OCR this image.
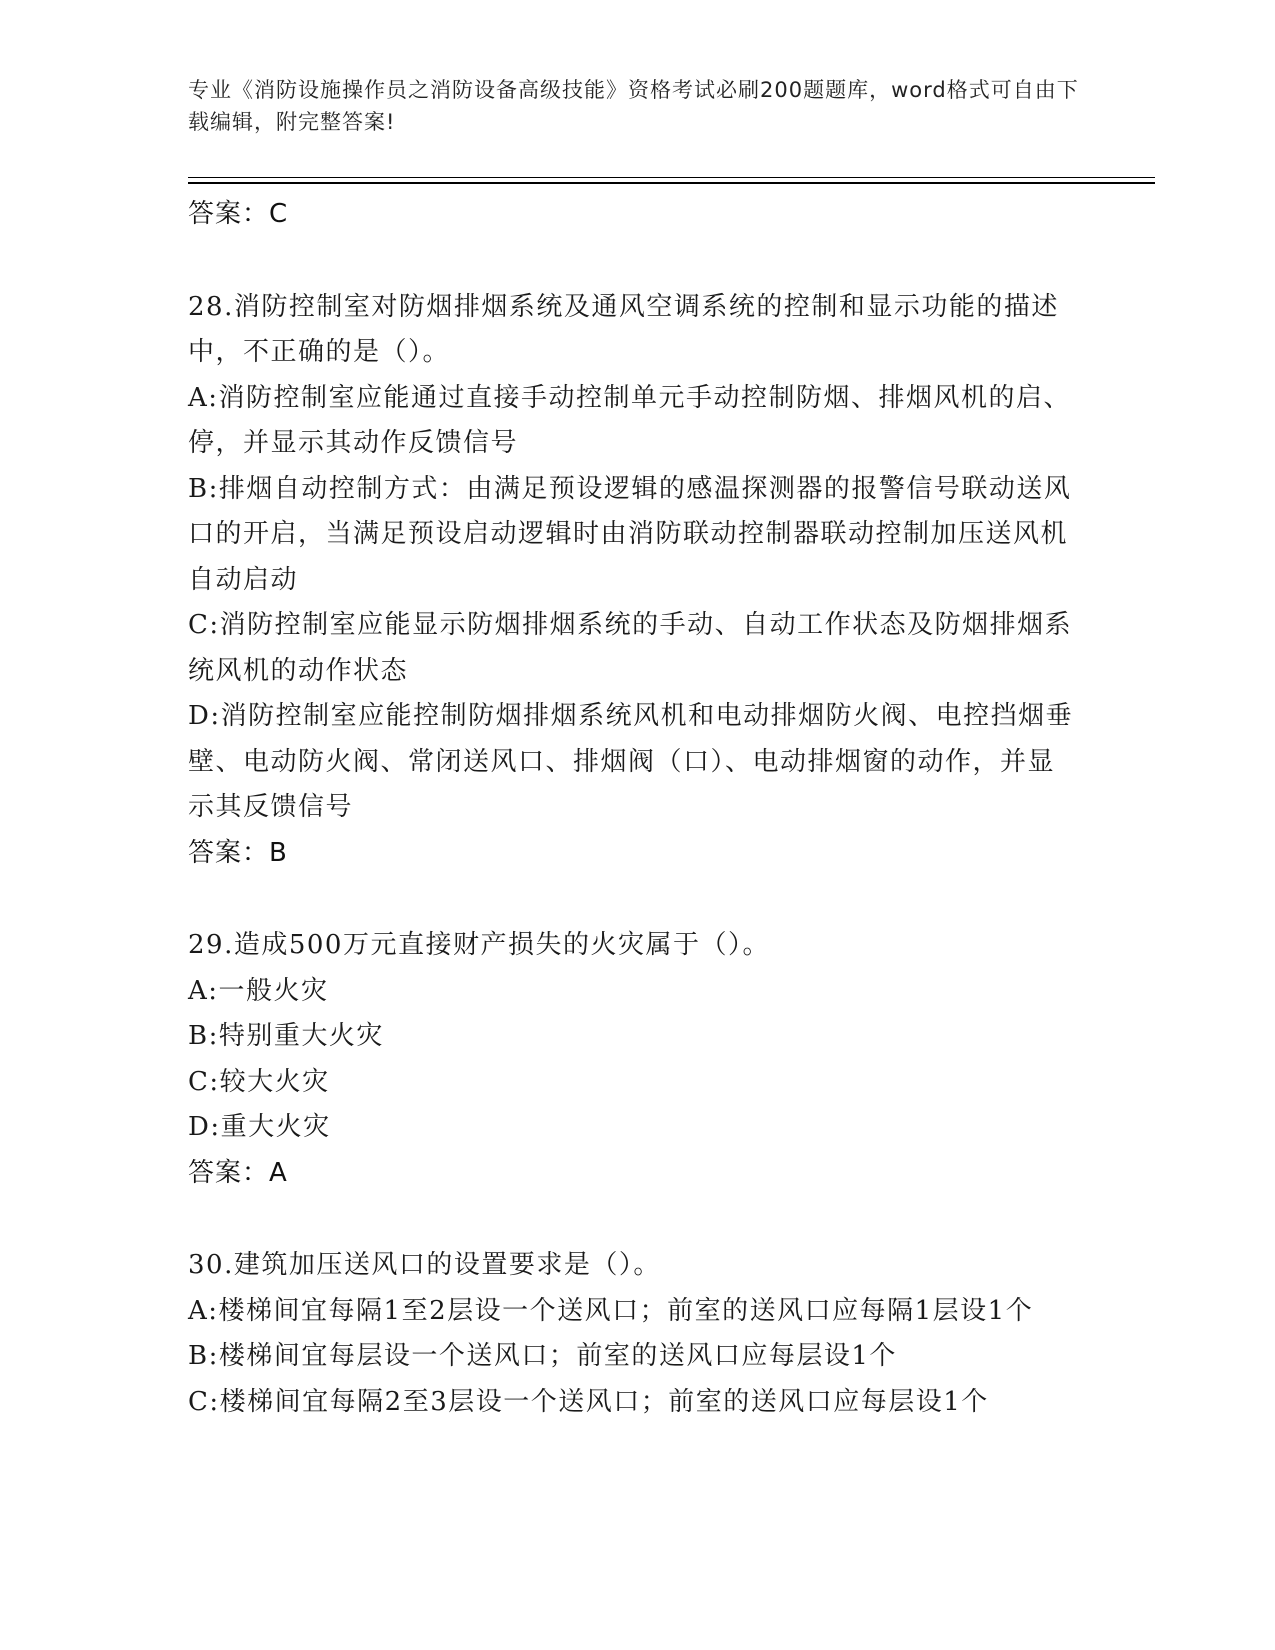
专业《消防设施操作员之消防设备高级技能》资格考试必刷200题题库，word格式可自由下载编辑，附完整答案!
答案：C

28.消防控制室对防烟排烟系统及通风空调系统的控制和显示功能的描述中，不正确的是（）。

A:消防控制室应能通过直接手动控制单元手动控制防烟、排烟风机的启、停，并显示其动作反馈信号

B:排烟自动控制方式：由满足预设逻辑的感温探测器的报警信号联动送风口的开启，当满足预设启动逻辑时由消防联动控制器联动控制加压送风机自动启动

C:消防控制室应能显示防烟排烟系统的手动、自动工作状态及防烟排烟系统风机的动作状态

D:消防控制室应能控制防烟排烟系统风机和电动排烟防火阀、电控挡烟垂壁、电动防火阀、常闭送风口、排烟阀（口）、电动排烟窗的动作，并显示其反馈信号

答案：B

29.造成500万元直接财产损失的火灾属于（）。

A:一般火灾

B:特别重大火灾

C:较大火灾

D:重大火灾

答案：A

30.建筑加压送风口的设置要求是（）。

A:楼梯间宜每隔1至2层设一个送风口；前室的送风口应每隔1层设1个

B:楼梯间宜每层设一个送风口；前室的送风口应每层设1个

C:楼梯间宜每隔2至3层设一个送风口；前室的送风口应每层设1个
